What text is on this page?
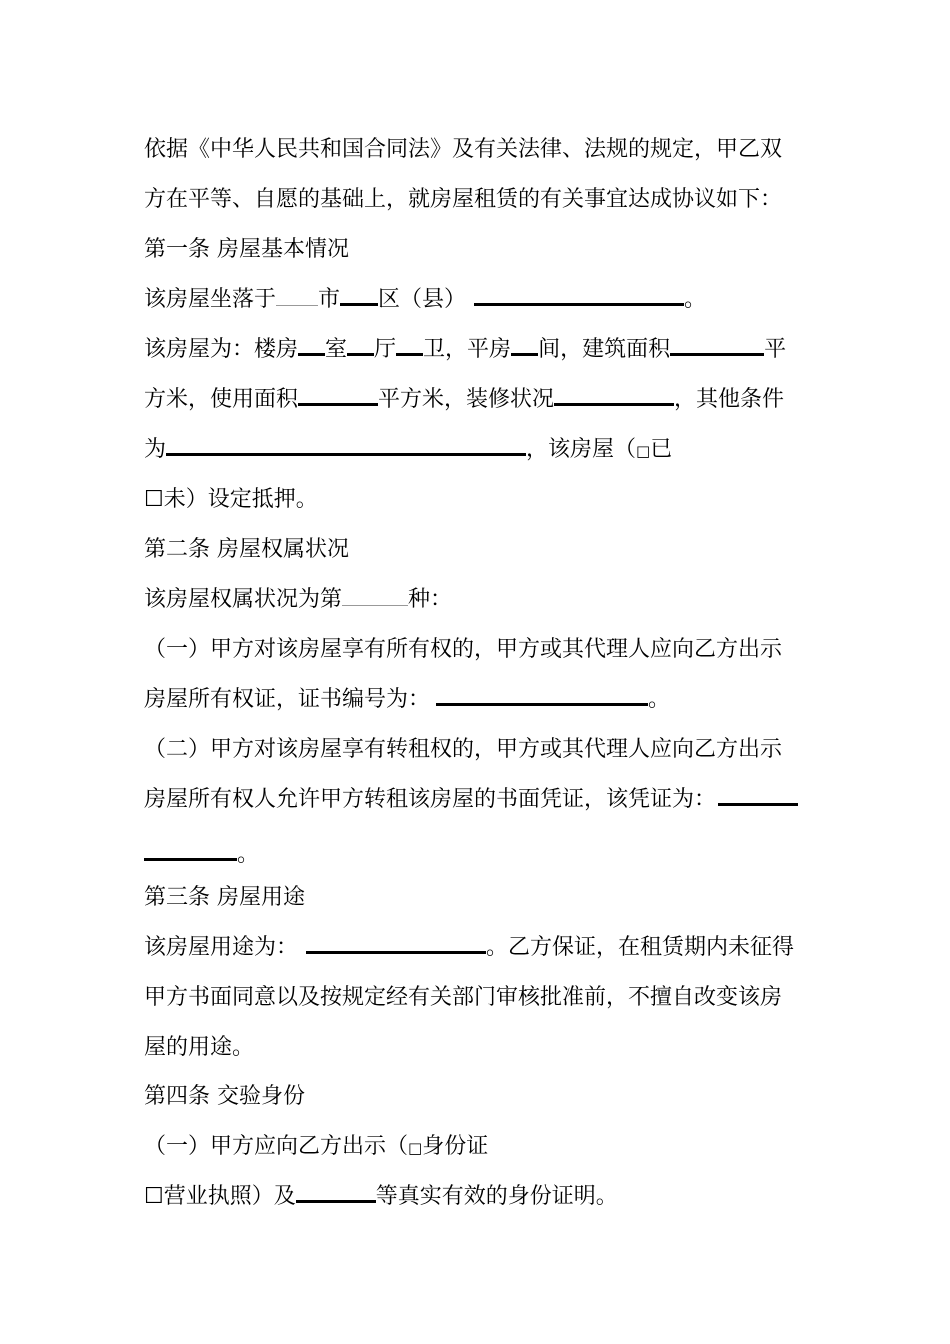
依据《中华人民共和国合同法》及有关法律、法规的规定，甲乙双
方在平等、自愿的基础上，就房屋租赁的有关事宜达成协议如下：
第一条 房屋基本情况
该房屋坐落于 市 区（县）	。
该房屋为：楼房 室 厅 卫，平房 间，建筑面积	平
方米，使用面积	平方米，装修状况	，其他条件
为	，该房屋（□已
☐未）设定抵押。
第二条 房屋权属状况
该房屋权属状况为第	种：
（一）甲方对该房屋享有所有权的，甲方或其代理人应向乙方出示
房屋所有权证，证书编号为：	。
（二）甲方对该房屋享有转租权的，甲方或其代理人应向乙方出示
房屋所有权人允许甲方转租该房屋的书面凭证，该凭证为：
。
第三条 房屋用途
该房屋用途为：	。乙方保证，在租赁期内未征得
甲方书面同意以及按规定经有关部门审核批准前，不擅自改变该房
屋的用途。
第四条 交验身份
（一）甲方应向乙方出示（□身份证
☐营业执照）及	等真实有效的身份证明。
